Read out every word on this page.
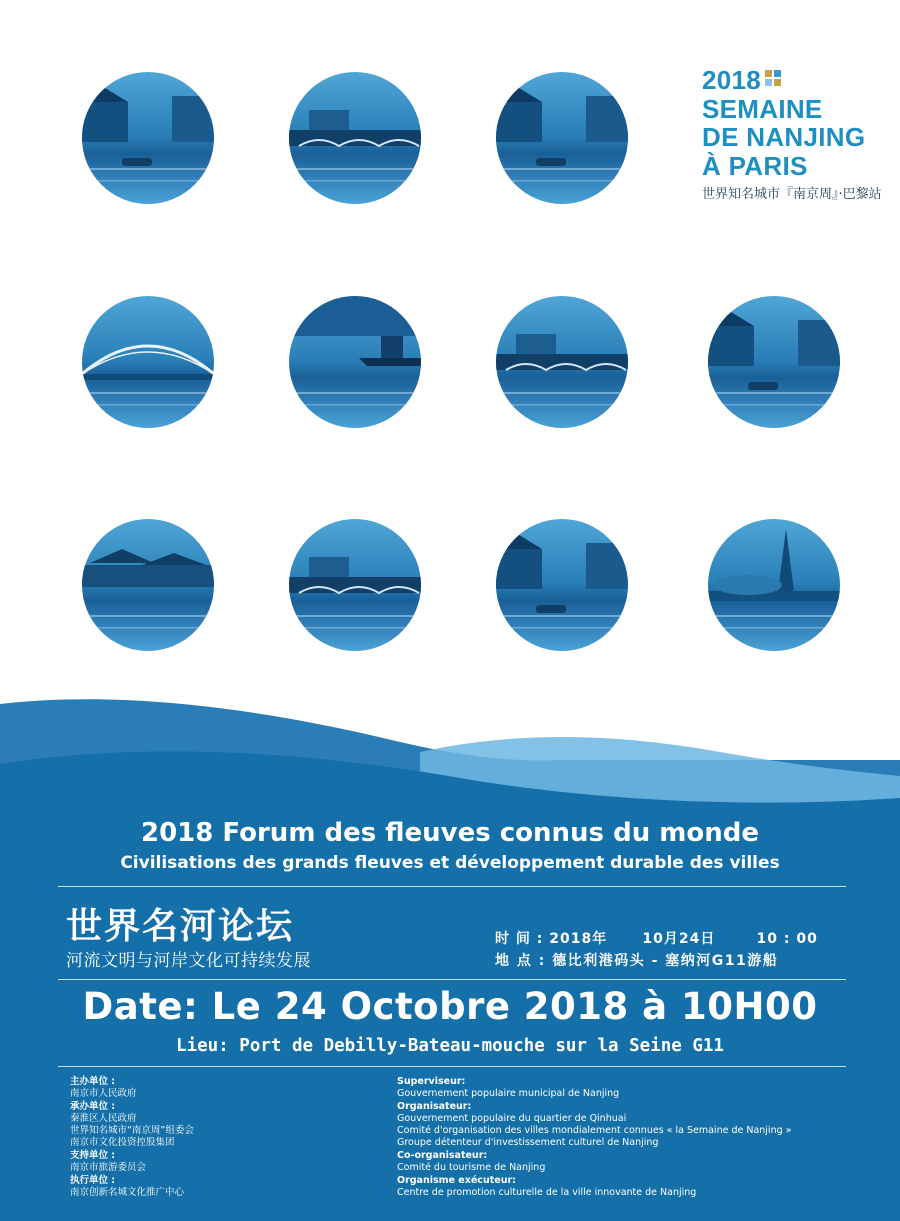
2018
SEMAINE
DE NANJING
À PARIS
世界知名城市『南京周』·巴黎站
2018 Forum des fleuves connus du monde
Civilisations des grands fleuves et développement durable des villes
世界名河论坛
河流文明与河岸文化可持续发展
时 间 : 2018年      10月24日       10 : 00
地 点 : 德比利港码头 - 塞纳河G11游船
Date: Le 24 Octobre 2018 à 10H00
Lieu: Port de Debilly-Bateau-mouche sur la Seine G11
主办单位 :
南京市人民政府
承办单位 :
秦淮区人民政府
世界知名城市“南京周”组委会
南京市文化投资控股集团
支持单位 :
南京市旅游委员会
执行单位 :
南京创新名城文化推广中心
Superviseur:
Gouvernement populaire municipal de Nanjing
Organisateur:
Gouvernement populaire du quartier de Qinhuai
Comité d'organisation des villes mondialement connues « la Semaine de Nanjing »
Groupe détenteur d'investissement culturel de Nanjing
Co-organisateur:
Comité du tourisme de Nanjing
Organisme exécuteur:
Centre de promotion culturelle de la ville innovante de Nanjing
